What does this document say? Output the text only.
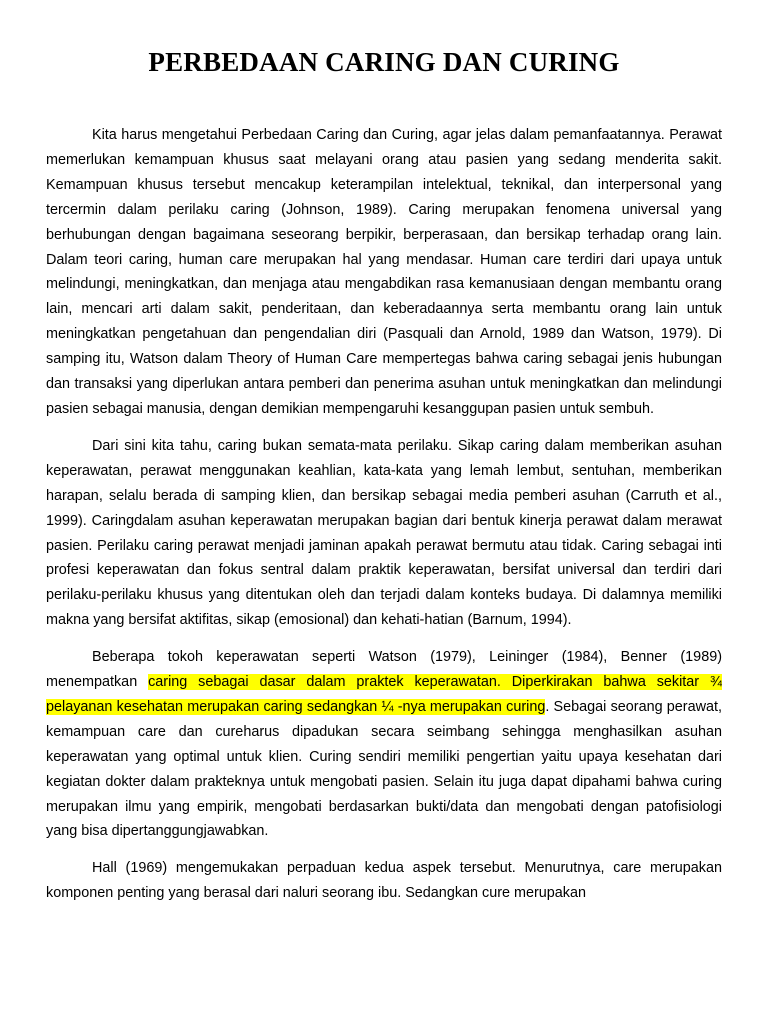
PERBEDAAN CARING DAN CURING

Kita harus mengetahui Perbedaan Caring dan Curing, agar jelas dalam pemanfaatannya. Perawat memerlukan kemampuan khusus saat melayani orang atau pasien yang sedang menderita sakit. Kemampuan khusus tersebut mencakup keterampilan intelektual, teknikal, dan interpersonal yang tercermin dalam perilaku caring (Johnson, 1989). Caring merupakan fenomena universal yang berhubungan dengan bagaimana seseorang berpikir, berperasaan, dan bersikap terhadap orang lain. Dalam teori caring, human care merupakan hal yang mendasar. Human care terdiri dari upaya untuk melindungi, meningkatkan, dan menjaga atau mengabdikan rasa kemanusiaan dengan membantu orang lain, mencari arti dalam sakit, penderitaan, dan keberadaannya serta membantu orang lain untuk meningkatkan pengetahuan dan pengendalian diri (Pasquali dan Arnold, 1989 dan Watson, 1979). Di samping itu, Watson dalam Theory of Human Care mempertegas bahwa caring sebagai jenis hubungan dan transaksi yang diperlukan antara pemberi dan penerima asuhan untuk meningkatkan dan melindungi pasien sebagai manusia, dengan demikian mempengaruhi kesanggupan pasien untuk sembuh.

Dari sini kita tahu, caring bukan semata-mata perilaku. Sikap caring dalam memberikan asuhan keperawatan, perawat menggunakan keahlian, kata-kata yang lemah lembut, sentuhan, memberikan harapan, selalu berada di samping klien, dan bersikap sebagai media pemberi asuhan (Carruth et al., 1999). Caringdalam asuhan keperawatan merupakan bagian dari bentuk kinerja perawat dalam merawat pasien. Perilaku caring perawat menjadi jaminan apakah perawat bermutu atau tidak. Caring sebagai inti profesi keperawatan dan fokus sentral dalam praktik keperawatan, bersifat universal dan terdiri dari perilaku-perilaku khusus yang ditentukan oleh dan terjadi dalam konteks budaya. Di dalamnya memiliki makna yang bersifat aktifitas, sikap (emosional) dan kehati-hatian (Barnum, 1994).

Beberapa tokoh keperawatan seperti Watson (1979), Leininger (1984), Benner (1989) menempatkan caring sebagai dasar dalam praktek keperawatan. Diperkirakan bahwa sekitar ¾ pelayanan kesehatan merupakan caring sedangkan ¼ -nya merupakan curing. Sebagai seorang perawat, kemampuan care dan cureharus dipadukan secara seimbang sehingga menghasilkan asuhan keperawatan yang optimal untuk klien. Curing sendiri memiliki pengertian yaitu upaya kesehatan dari kegiatan dokter dalam prakteknya untuk mengobati pasien. Selain itu juga dapat dipahami bahwa curing merupakan ilmu yang empirik, mengobati berdasarkan bukti/data dan mengobati dengan patofisiologi yang bisa dipertanggungjawabkan.

Hall (1969) mengemukakan perpaduan kedua aspek tersebut. Menurutnya, care merupakan komponen penting yang berasal dari naluri seorang ibu. Sedangkan cure merupakan
